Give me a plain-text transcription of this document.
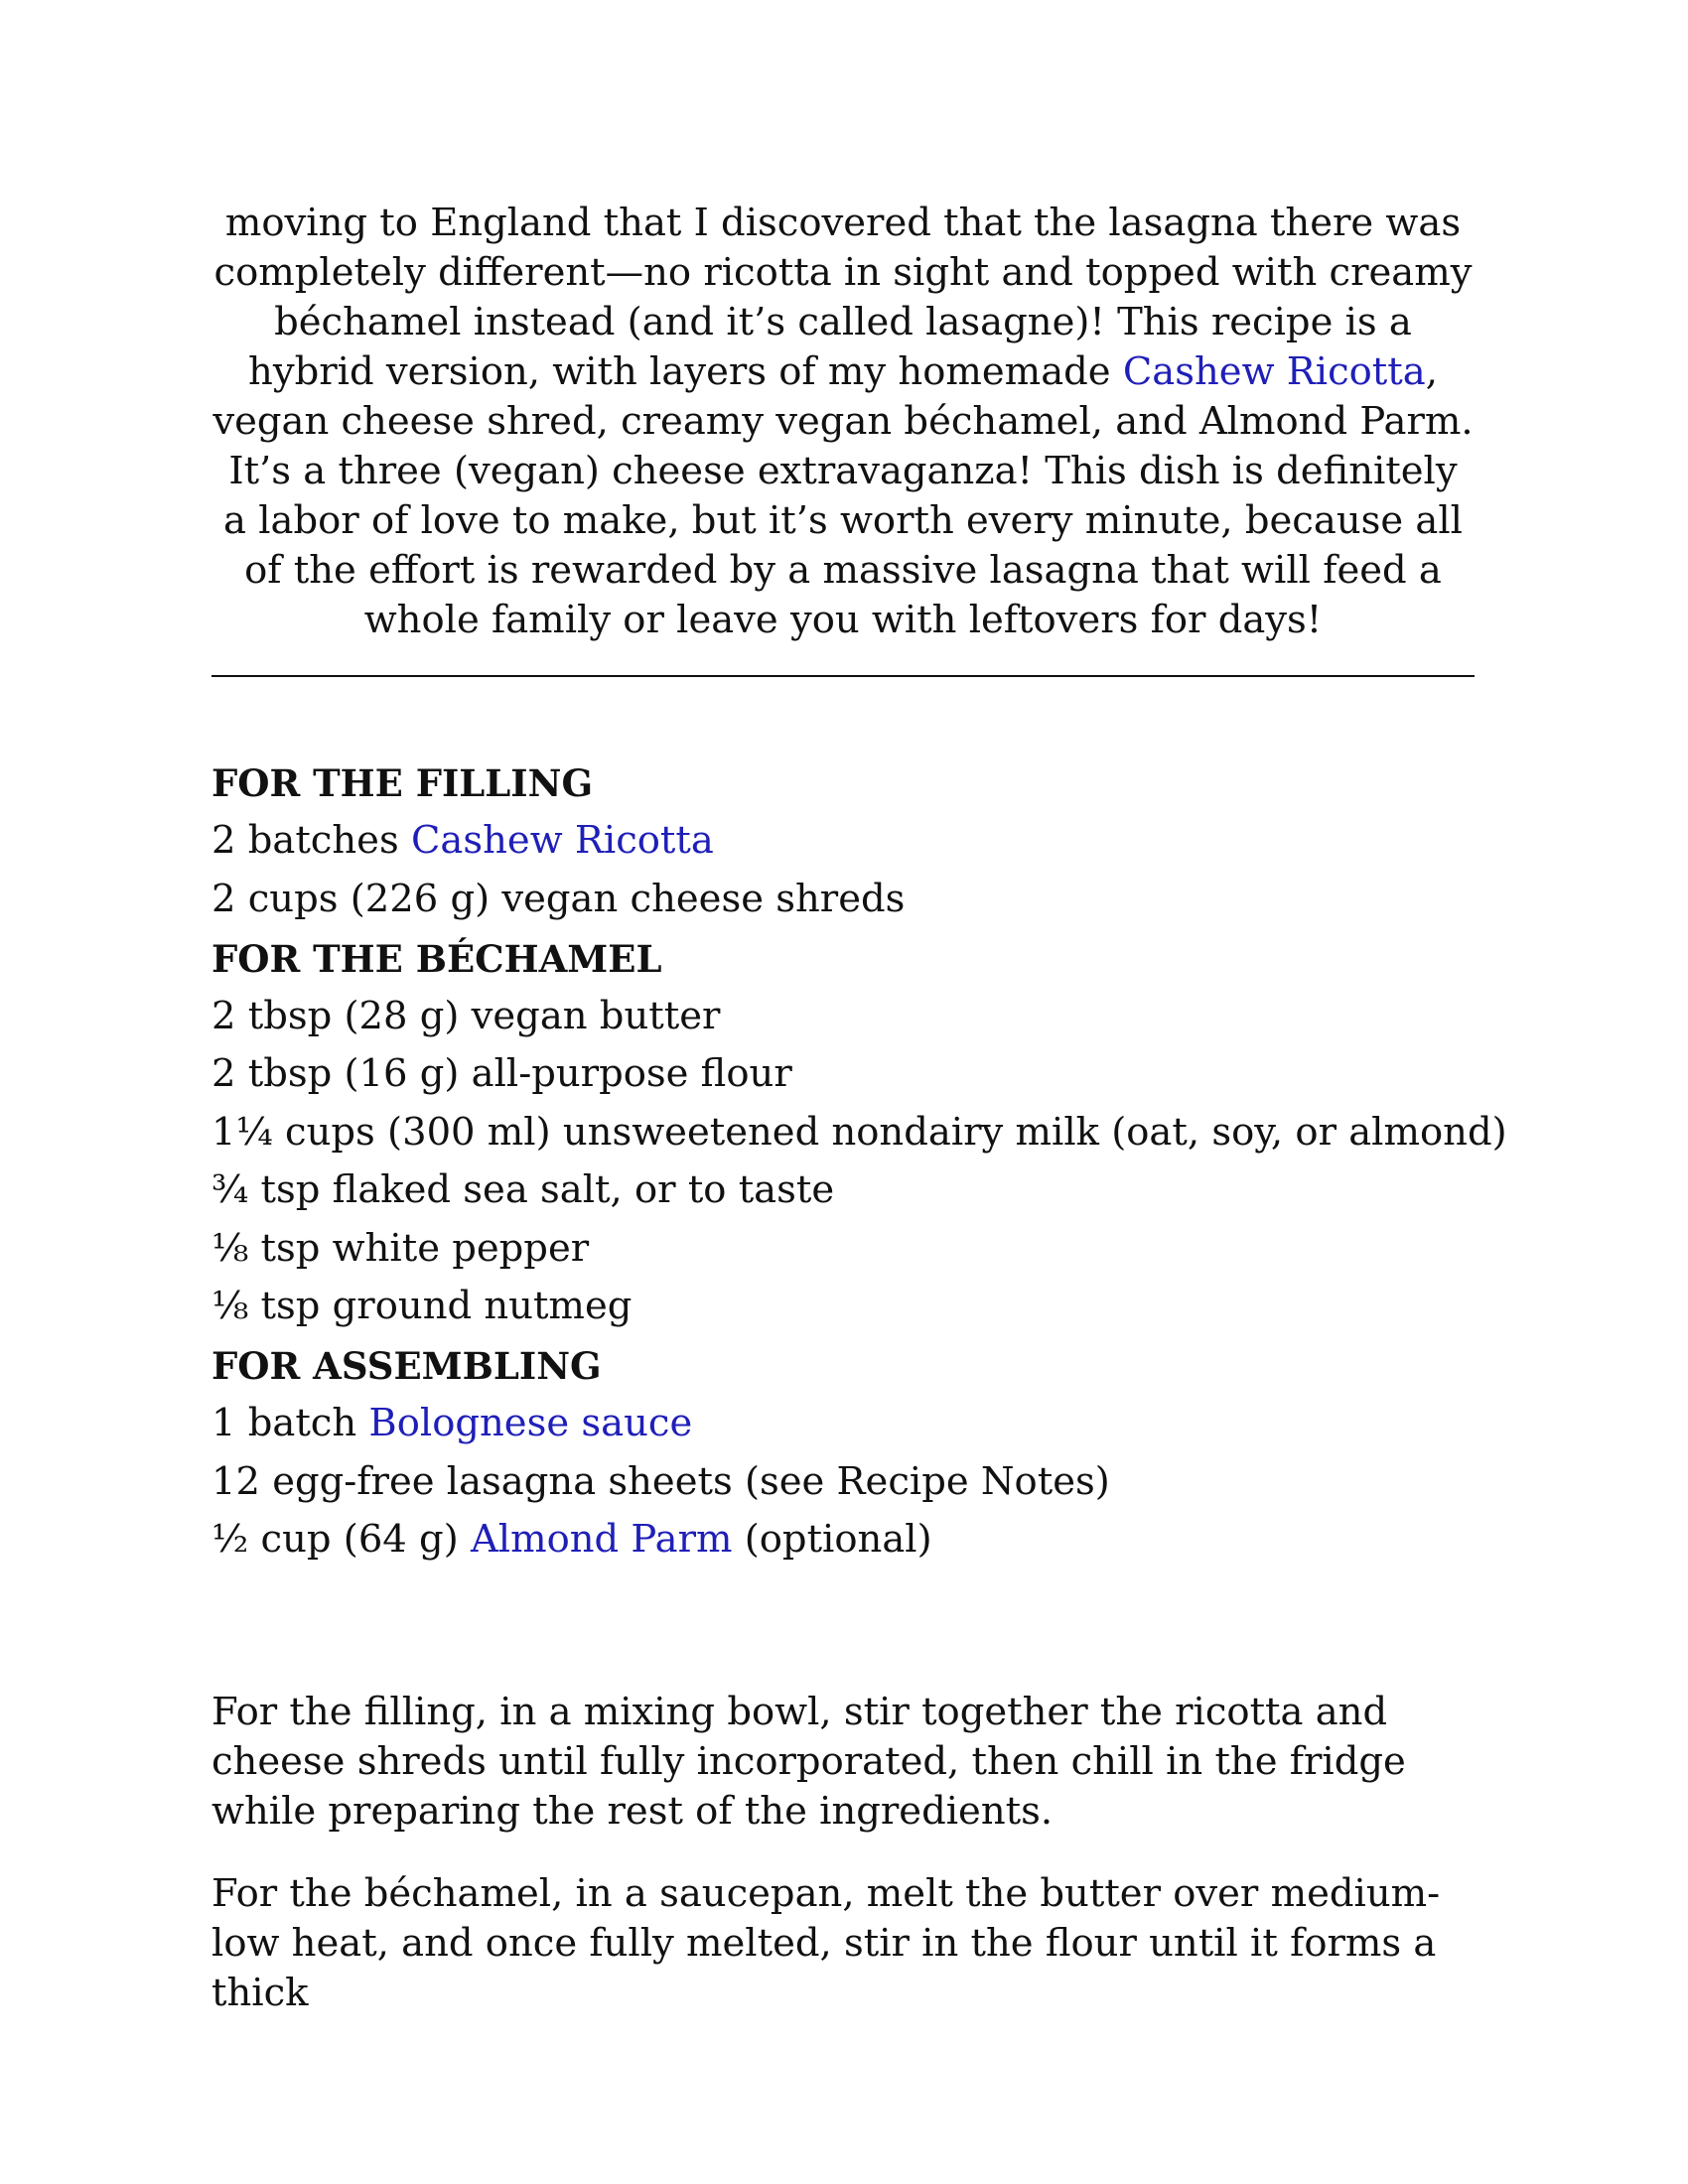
moving to England that I discovered that the lasagna there was completely different—no ricotta in sight and topped with creamy béchamel instead (and it’s called lasagne)! This recipe is a hybrid version, with layers of my homemade Cashew Ricotta, vegan cheese shred, creamy vegan béchamel, and Almond Parm. It’s a three (vegan) cheese extravaganza! This dish is definitely a labor of love to make, but it’s worth every minute, because all of the effort is rewarded by a massive lasagna that will feed a whole family or leave you with leftovers for days!

FOR THE FILLING
2 batches Cashew Ricotta
2 cups (226 g) vegan cheese shreds
FOR THE BÉCHAMEL
2 tbsp (28 g) vegan butter
2 tbsp (16 g) all-purpose flour
1¼ cups (300 ml) unsweetened nondairy milk (oat, soy, or almond)
¾ tsp flaked sea salt, or to taste
⅛ tsp white pepper
⅛ tsp ground nutmeg
FOR ASSEMBLING
1 batch Bolognese sauce
12 egg-free lasagna sheets (see Recipe Notes)
½ cup (64 g) Almond Parm (optional)

For the filling, in a mixing bowl, stir together the ricotta and cheese shreds until fully incorporated, then chill in the fridge while preparing the rest of the ingredients.

For the béchamel, in a saucepan, melt the butter over medium-low heat, and once fully melted, stir in the flour until it forms a thick
